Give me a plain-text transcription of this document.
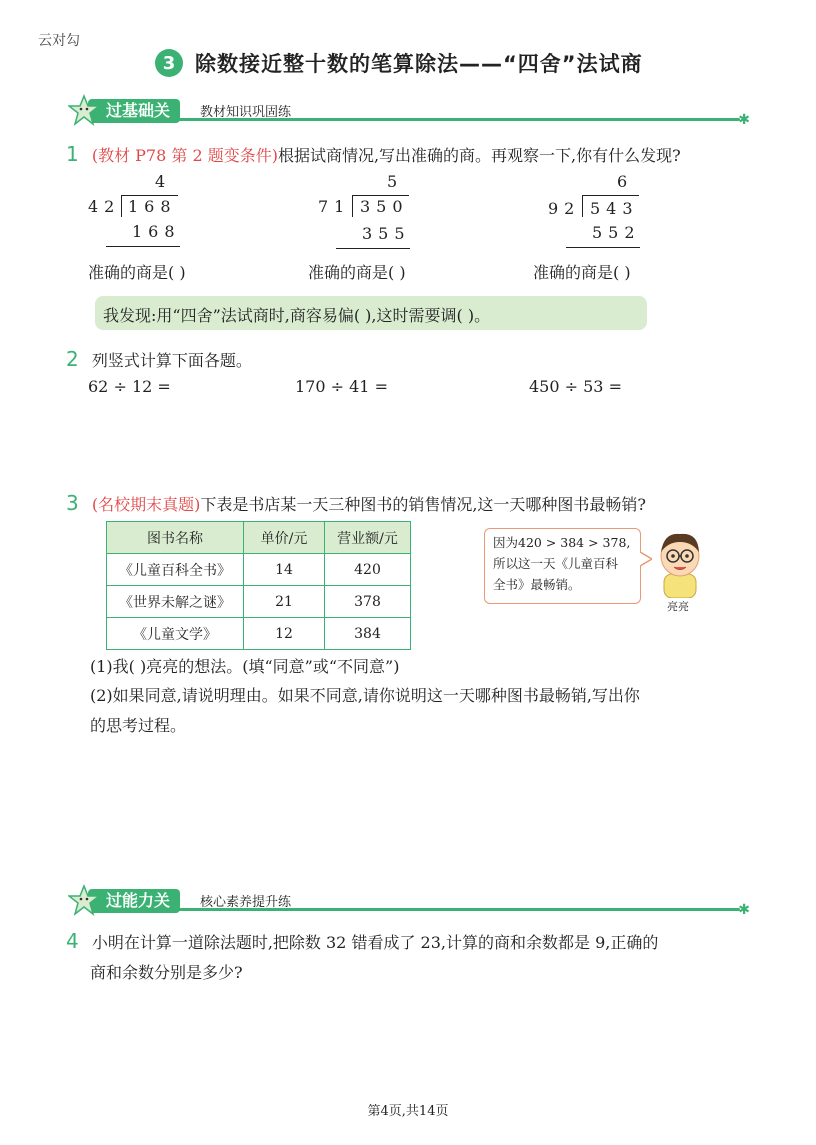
云对勾
3 除数接近整十数的笔算除法——“四舍”法试商
过基础关	教材知识巩固练	✱
1 (教材 P78 第 2 题变条件)根据试商情况,写出准确的商。再观察一下,你有什么发现?
4
42 168
168
5
71 350
355
6
92 543
552
准确的商是( )	准确的商是( )	准确的商是( )
我发现:用“四舍”法试商时,商容易偏( ),这时需要调( )。
2 列竖式计算下面各题。
62 ÷ 12 =	170 ÷ 41 =	450 ÷ 53 =
3 (名校期末真题)下表是书店某一天三种图书的销售情况,这一天哪种图书最畅销?
图书名称	单价/元	营业额/元
《儿童百科全书》	14	420
《世界未解之谜》	21	378
《儿童文学》	12	384
因为420 > 384 > 378,
所以这一天《儿童百科
全书》最畅销。
亮亮
(1)我( )亮亮的想法。(填“同意”或“不同意”)
(2)如果同意,请说明理由。如果不同意,请你说明这一天哪种图书最畅销,写出你
的思考过程。
过能力关	核心素养提升练	✱
4 小明在计算一道除法题时,把除数 32 错看成了 23,计算的商和余数都是 9,正确的
商和余数分别是多少?
第4页,共14页
